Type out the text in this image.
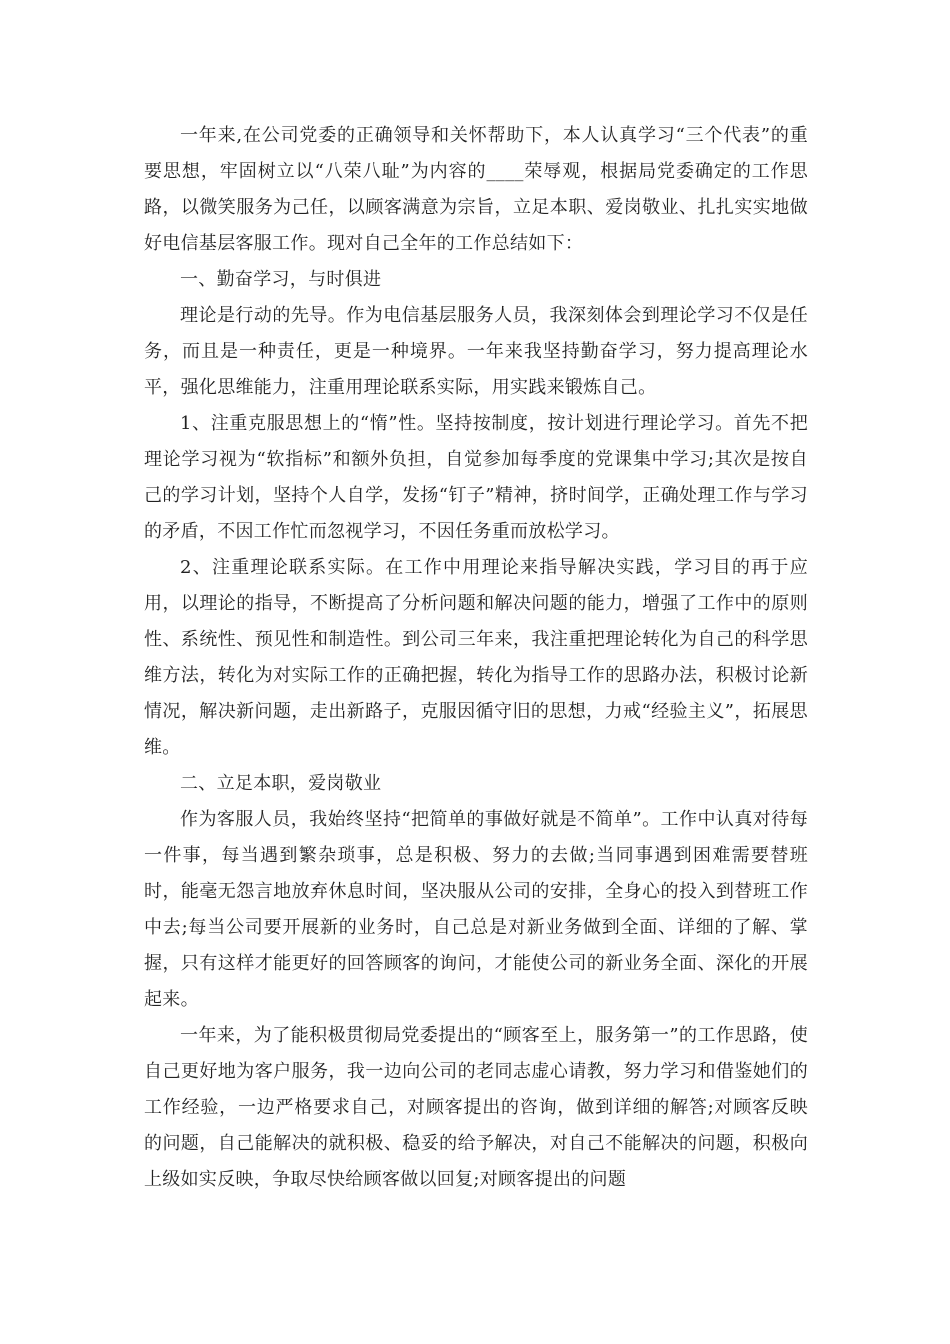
一年来,在公司党委的正确领导和关怀帮助下，本人认真学习“三个代表”的重要思想，牢固树立以“八荣八耻”为内容的____荣辱观，根据局党委确定的工作思路，以微笑服务为己任，以顾客满意为宗旨，立足本职、爱岗敬业、扎扎实实地做好电信基层客服工作。现对自己全年的工作总结如下：

一、勤奋学习，与时俱进

理论是行动的先导。作为电信基层服务人员，我深刻体会到理论学习不仅是任务，而且是一种责任，更是一种境界。一年来我坚持勤奋学习，努力提高理论水平，强化思维能力，注重用理论联系实际，用实践来锻炼自己。

1、注重克服思想上的“惰”性。坚持按制度，按计划进行理论学习。首先不把理论学习视为“软指标”和额外负担，自觉参加每季度的党课集中学习;其次是按自己的学习计划，坚持个人自学，发扬“钉子”精神，挤时间学，正确处理工作与学习的矛盾，不因工作忙而忽视学习，不因任务重而放松学习。

2、注重理论联系实际。在工作中用理论来指导解决实践，学习目的再于应用，以理论的指导，不断提高了分析问题和解决问题的能力，增强了工作中的原则性、系统性、预见性和制造性。到公司三年来，我注重把理论转化为自己的科学思维方法，转化为对实际工作的正确把握，转化为指导工作的思路办法，积极讨论新情况，解决新问题，走出新路子，克服因循守旧的思想，力戒“经验主义”，拓展思维。

二、立足本职，爱岗敬业

作为客服人员，我始终坚持“把简单的事做好就是不简单”。工作中认真对待每一件事，每当遇到繁杂琐事，总是积极、努力的去做;当同事遇到困难需要替班时，能毫无怨言地放弃休息时间，坚决服从公司的安排，全身心的投入到替班工作中去;每当公司要开展新的业务时，自己总是对新业务做到全面、详细的了解、掌握，只有这样才能更好的回答顾客的询问，才能使公司的新业务全面、深化的开展起来。

一年来，为了能积极贯彻局党委提出的“顾客至上，服务第一”的工作思路，使自己更好地为客户服务，我一边向公司的老同志虚心请教，努力学习和借鉴她们的工作经验，一边严格要求自己，对顾客提出的咨询，做到详细的解答;对顾客反映的问题，自己能解决的就积极、稳妥的给予解决，对自己不能解决的问题，积极向上级如实反映，争取尽快给顾客做以回复;对顾客提出的问题
